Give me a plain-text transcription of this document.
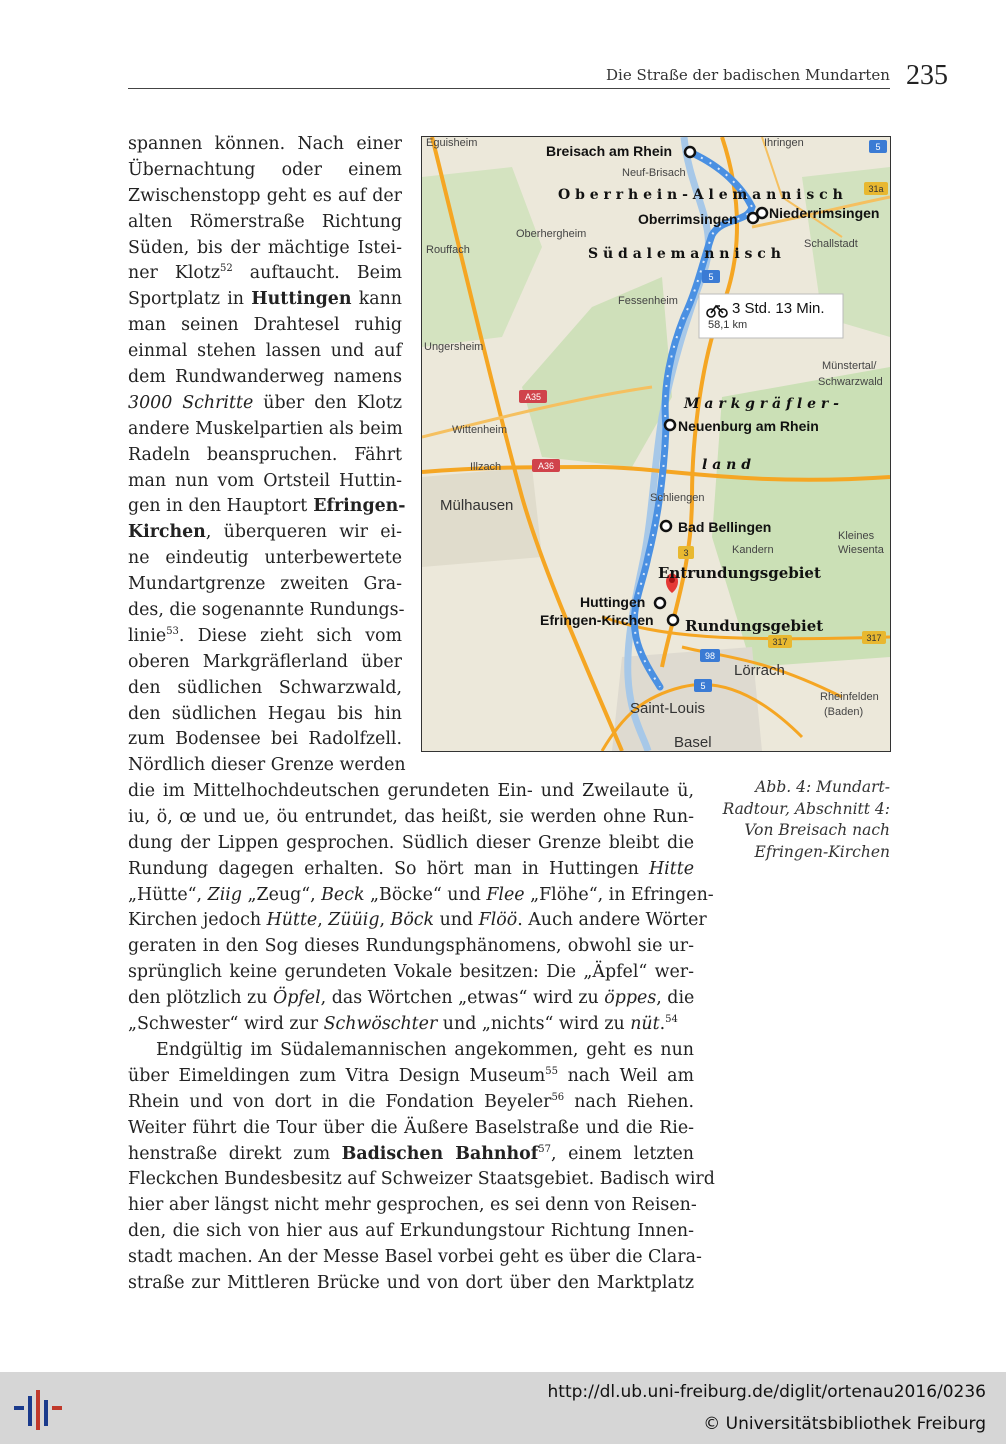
Die Straße der badischen Mundarten 235
spannen können. Nach einer
Übernachtung oder einem
Zwischenstopp geht es auf der
alten Römerstraße Richtung
Süden, bis der mächtige Istei-
ner Klotz$^{52}$ auftaucht. Beim
Sportplatz in Huttingen kann
man seinen Drahtesel ruhig
einmal stehen lassen und auf
dem Rundwanderweg namens
3000 Schritte über den Klotz
andere Muskelpartien als beim
Radeln beanspruchen. Fährt
man nun vom Ortsteil Huttin-
gen in den Hauptort Efringen-
Kirchen, überqueren wir ei-
ne eindeutig unterbewertete
Mundartgrenze zweiten Gra-
des, die sogenannte Rundungs-
linie$^{53}$. Diese zieht sich vom
oberen Markgräflerland über
den südlichen Schwarzwald,
den südlichen Hegau bis hin
zum Bodensee bei Radolfzell.
Nördlich dieser Grenze werden
die im Mittelhochdeutschen gerundeten Ein- und Zweilaute ü,
iu, ö, œ und ue, öu entrundet, das heißt, sie werden ohne Run-
dung der Lippen gesprochen. Südlich dieser Grenze bleibt die
Rundung dagegen erhalten. So hört man in Huttingen Hitte
„Hütte“, Ziig „Zeug“, Beck „Böcke“ und Flee „Flöhe“, in Efringen-
Kirchen jedoch Hütte, Züüig, Böck und Flöö. Auch andere Wörter
geraten in den Sog dieses Rundungsphänomens, obwohl sie ur-
sprünglich keine gerundeten Vokale besitzen: Die „Äpfel“ wer-
den plötzlich zu Öpfel, das Wörtchen „etwas“ wird zu öppes, die
„Schwester“ wird zur Schwöschter und „nichts“ wird zu nüt.$^{54}$
Endgültig im Südalemannischen angekommen, geht es nun
über Eimeldingen zum Vitra Design Museum$^{55}$ nach Weil am
Rhein und von dort in die Fondation Beyeler$^{56}$ nach Riehen.
Weiter führt die Tour über die Äußere Baselstraße und die Rie-
henstraße direkt zum Badischen Bahnhof$^{57}$, einem letzten
Fleckchen Bundesbesitz auf Schweizer Staatsgebiet. Badisch wird
hier aber längst nicht mehr gesprochen, es sei denn von Reisen-
den, die sich von hier aus auf Erkundungstour Richtung Innen-
stadt machen. An der Messe Basel vorbei geht es über die Clara-
straße zur Mittleren Brücke und von dort über den Marktplatz
A35
A36
5
31a
5
3
317	317
98
5
Eguisheim	Ihringen
Neuf-Brisach
Oberhergheim
Rouffach	Schallstadt
Fessenheim
Ungersheim
Münstertal/
Schwarzwald
Wittenheim
Illzach
Schliengen
Kandern
Kleines
Wiesenta
Rheinfelden
(Baden)
Mülhausen
Lörrach
Saint-Louis
Basel
Breisach am Rhein
Oberrimsingen Niederrimsingen
Neuenburg am Rhein
Bad Bellingen
Huttingen
Efringen-Kirchen
O b e r r h e i n - A l e m a n n i s c h
S ü d a l e m a n n i s c h
M a r k g r ä f l e r -
l a n d
Entrundungsgebiet
Rundungsgebiet
3 Std. 13 Min.
58,1 km
Abb. 4: Mundart-
Radtour, Abschnitt 4:
Von Breisach nach
Efringen-Kirchen
http://dl.ub.uni-freiburg.de/diglit/ortenau2016/0236
© Universitätsbibliothek Freiburg
